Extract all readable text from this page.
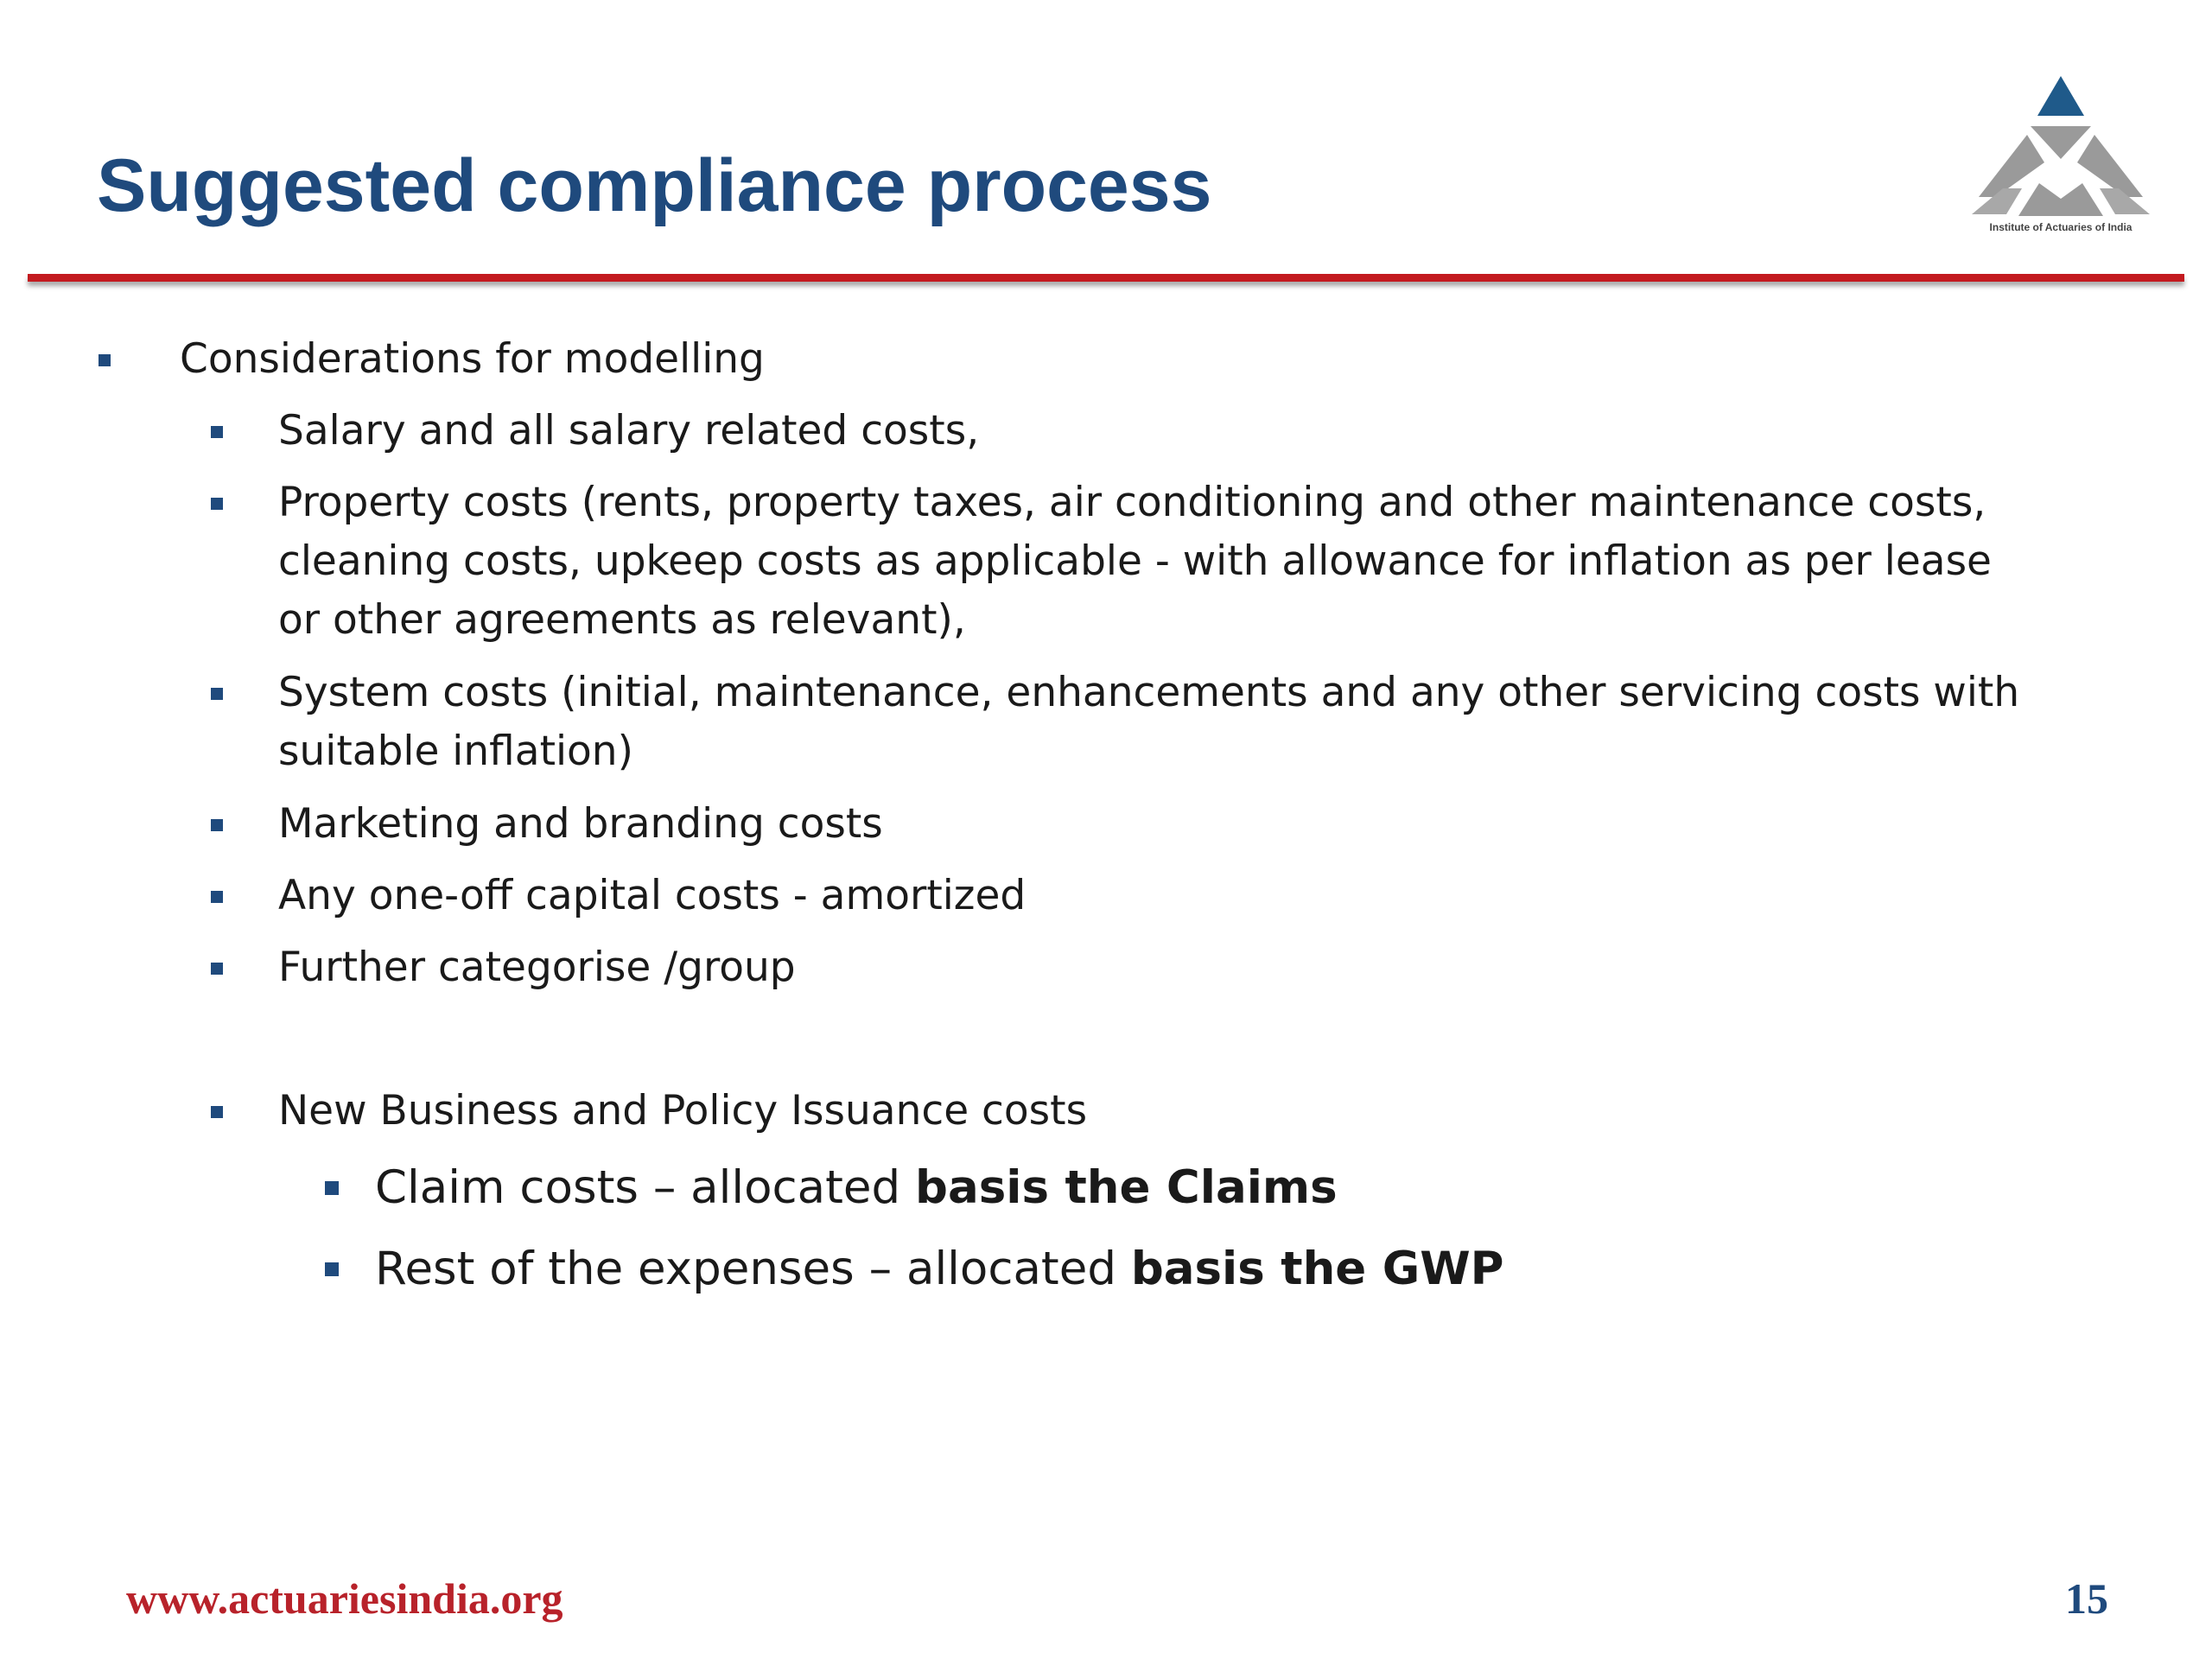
Suggested compliance process	Institute of Actuaries of India
Considerations for modelling
Salary and all salary related costs,
Property costs (rents, property taxes, air conditioning and other maintenance costs, cleaning costs, upkeep costs as applicable - with allowance for inflation as per lease or other agreements as relevant),
System costs (initial, maintenance, enhancements and any other servicing costs with suitable inflation)
Marketing and branding costs
Any one-off capital costs - amortized
Further categorise /group
New Business and Policy Issuance costs
Claim costs – allocated basis the Claims
Rest of the expenses – allocated basis the GWP
www.actuariesindia.org	15
